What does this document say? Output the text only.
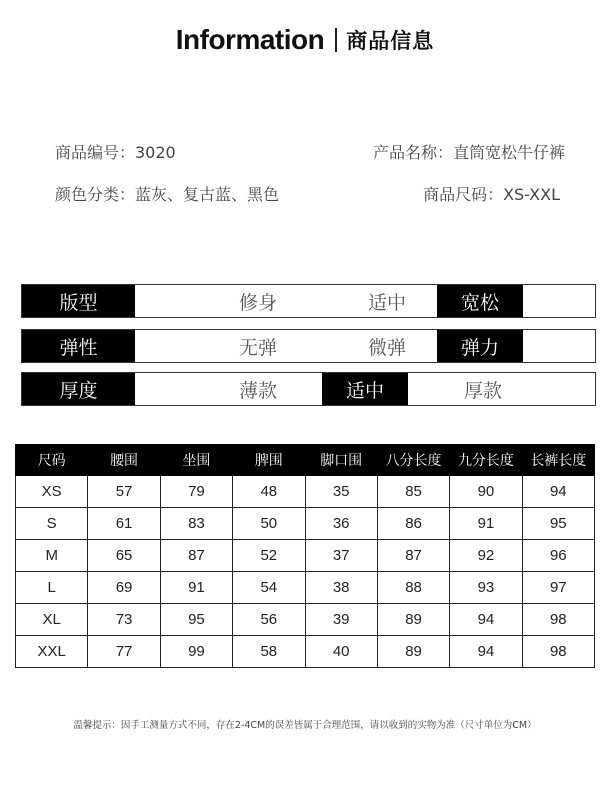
Information 商品信息
商品编号：3020	产品名称：直筒宽松牛仔裤
颜色分类：蓝灰、复古蓝、黑色	商品尺码：XS-XXL
版型	修身	适中	宽松
弹性	无弹	微弹	弹力
厚度	薄款	适中	厚款
尺码	腰围	坐围	脾围	脚口围	八分长度	九分长度	长裤长度
XS	57	79	48	35	85	90	94
S	61	83	50	36	86	91	95
M	65	87	52	37	87	92	96
L	69	91	54	38	88	93	97
XL	73	95	56	39	89	94	98
XXL	77	99	58	40	89	94	98
温馨提示：因手工测量方式不同，存在2-4CM的误差皆属于合理范围，请以收到的实物为准（尺寸单位为CM）
